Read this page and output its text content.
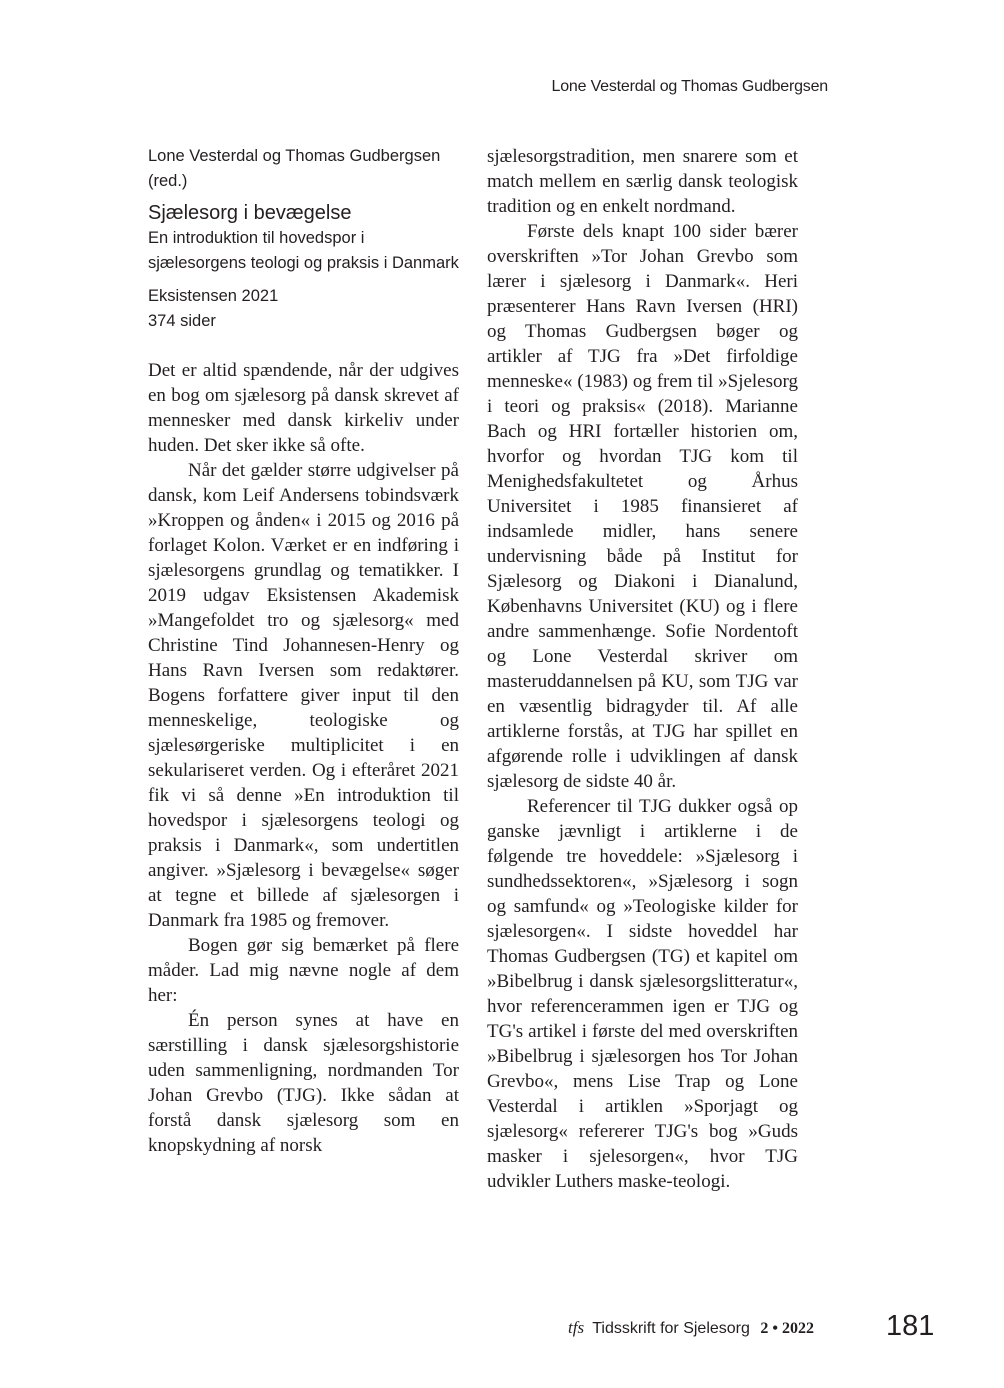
Lone Vesterdal og Thomas Gudbergsen

Lone Vesterdal og Thomas Gudbergsen (red.)

Sjælesorg i bevægelse

En introduktion til hovedspor i sjælesorgens teologi og praksis i Danmark

Eksistensen 2021

374 sider

Det er altid spændende, når der udgives en bog om sjælesorg på dansk skrevet af mennesker med dansk kirkeliv under huden. Det sker ikke så ofte.

Når det gælder større udgivelser på dansk, kom Leif Andersens tobindsværk »Kroppen og ånden« i 2015 og 2016 på forlaget Kolon. Værket er en indføring i sjælesorgens grundlag og tematikker. I 2019 udgav Eksistensen Akademisk »Mangefoldet tro og sjælesorg« med Christine Tind Johannesen-Henry og Hans Ravn Iversen som redaktører. Bogens forfattere giver input til den menneskelige, teologiske og sjælesørgeriske multiplicitet i en sekulariseret verden. Og i efteråret 2021 fik vi så denne »En introduktion til hovedspor i sjælesorgens teologi og praksis i Danmark«, som undertitlen angiver. »Sjælesorg i bevægelse« søger at tegne et billede af sjælesorgen i Danmark fra 1985 og fremover.

Bogen gør sig bemærket på flere måder. Lad mig nævne nogle af dem her:

Én person synes at have en særstilling i dansk sjælesorgshistorie uden sammenligning, nordmanden Tor Johan Grevbo (TJG). Ikke sådan at forstå dansk sjælesorg som en knopskydning af norsk

sjælesorgstradition, men snarere som et match mellem en særlig dansk teologisk tradition og en enkelt nordmand.

Første dels knapt 100 sider bærer overskriften »Tor Johan Grevbo som lærer i sjælesorg i Danmark«. Heri præsenterer Hans Ravn Iversen (HRI) og Thomas Gudbergsen bøger og artikler af TJG fra »Det firfoldige menneske« (1983) og frem til »Sjelesorg i teori og praksis« (2018). Marianne Bach og HRI fortæller historien om, hvorfor og hvordan TJG kom til Menighedsfakultetet og Århus Universitet i 1985 finansieret af indsamlede midler, hans senere undervisning både på Institut for Sjælesorg og Diakoni i Dianalund, Københavns Universitet (KU) og i flere andre sammenhænge. Sofie Nordentoft og Lone Vesterdal skriver om masteruddannelsen på KU, som TJG var en væsentlig bidragyder til. Af alle artiklerne forstås, at TJG har spillet en afgørende rolle i udviklingen af dansk sjælesorg de sidste 40 år.

Referencer til TJG dukker også op ganske jævnligt i artiklerne i de følgende tre hoveddele: »Sjælesorg i sundhedssektoren«, »Sjælesorg i sogn og samfund« og »Teologiske kilder for sjælesorgen«. I sidste hoveddel har Thomas Gudbergsen (TG) et kapitel om »Bibelbrug i dansk sjælesorgslitteratur«, hvor referencerammen igen er TJG og TG's artikel i første del med overskriften »Bibelbrug i sjælesorgen hos Tor Johan Grevbo«, mens Lise Trap og Lone Vesterdal i artiklen »Sporjagt og sjælesorg« refererer TJG's bog »Guds masker i sjelesorgen«, hvor TJG udvikler Luthers maske-teologi.

tfs Tidsskrift for Sjelesorg 2 • 2022 181
